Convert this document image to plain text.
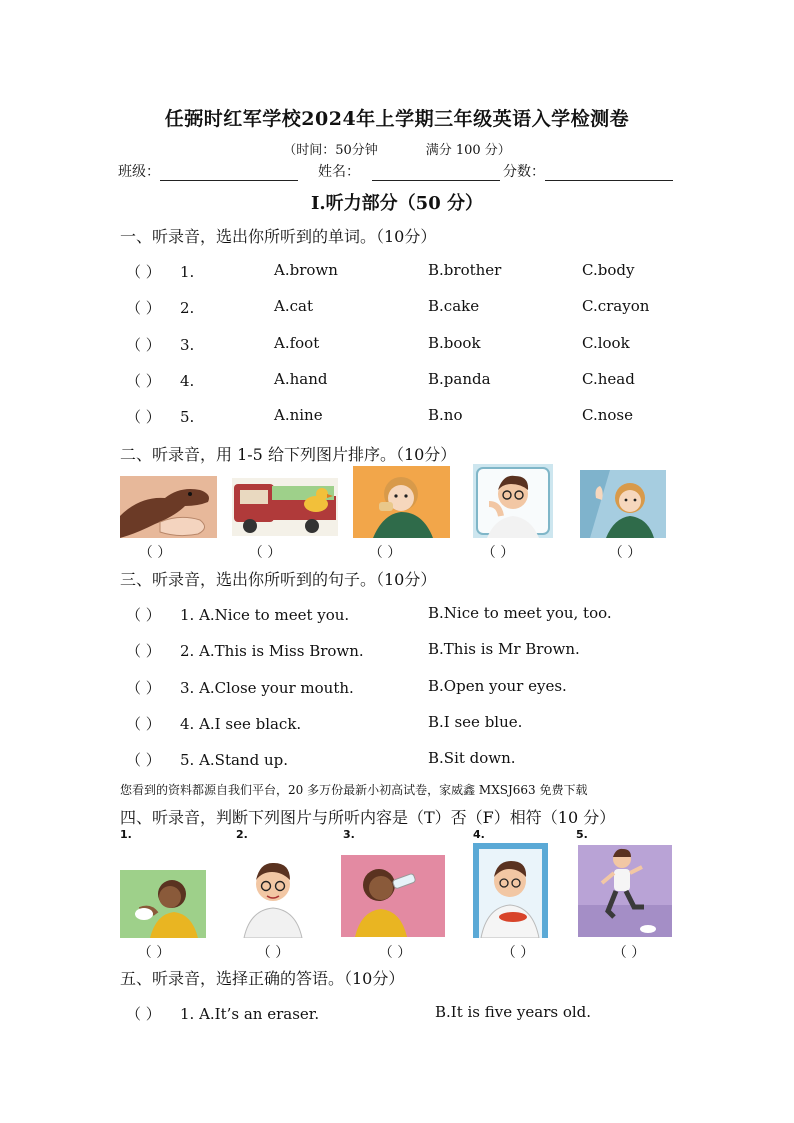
任弼时红军学校2024年上学期三年级英语入学检测卷
（时间：50分钟	满分 100 分）
班级：	姓名：	分数：
Ⅰ.听力部分（50 分）
一、听录音，选出你所听到的单词。（10分）
（ ） 1.	A.brown	B.brother	C.body
（ ） 2.	A.cat	B.cake	C.crayon
（ ） 3.	A.foot	B.book	C.look
（ ） 4.	A.hand	B.panda	C.head
（ ） 5.	A.nine	B.no	C.nose
二、听录音，用 1-5 给下列图片排序。（10分）
（ ）	（ ）	（ ）	（ ）	（ ）
三、听录音，选出你所听到的句子。（10分）
（ ） 1. A.Nice to meet you.	B.Nice to meet you, too.
（ ） 2. A.This is Miss Brown.	B.This is Mr Brown.
（ ） 3. A.Close your mouth.	B.Open your eyes.
（ ） 4. A.I see black.	B.I see blue.
（ ） 5. A.Stand up.	B.Sit down.
您看到的资料都源自我们平台，20 多万份最新小初高试卷，家威鑫 MXSJ663 免费下载
四、听录音，判断下列图片与所听内容是（T）否（F）相符（10 分）
1.	2.	3.	4.	5.
（ ）	（ ）	（ ）	（ ）	（ ）
五、听录音，选择正确的答语。（10分）
（ ） 1. A.It’s an eraser.	B.It is five years old.
